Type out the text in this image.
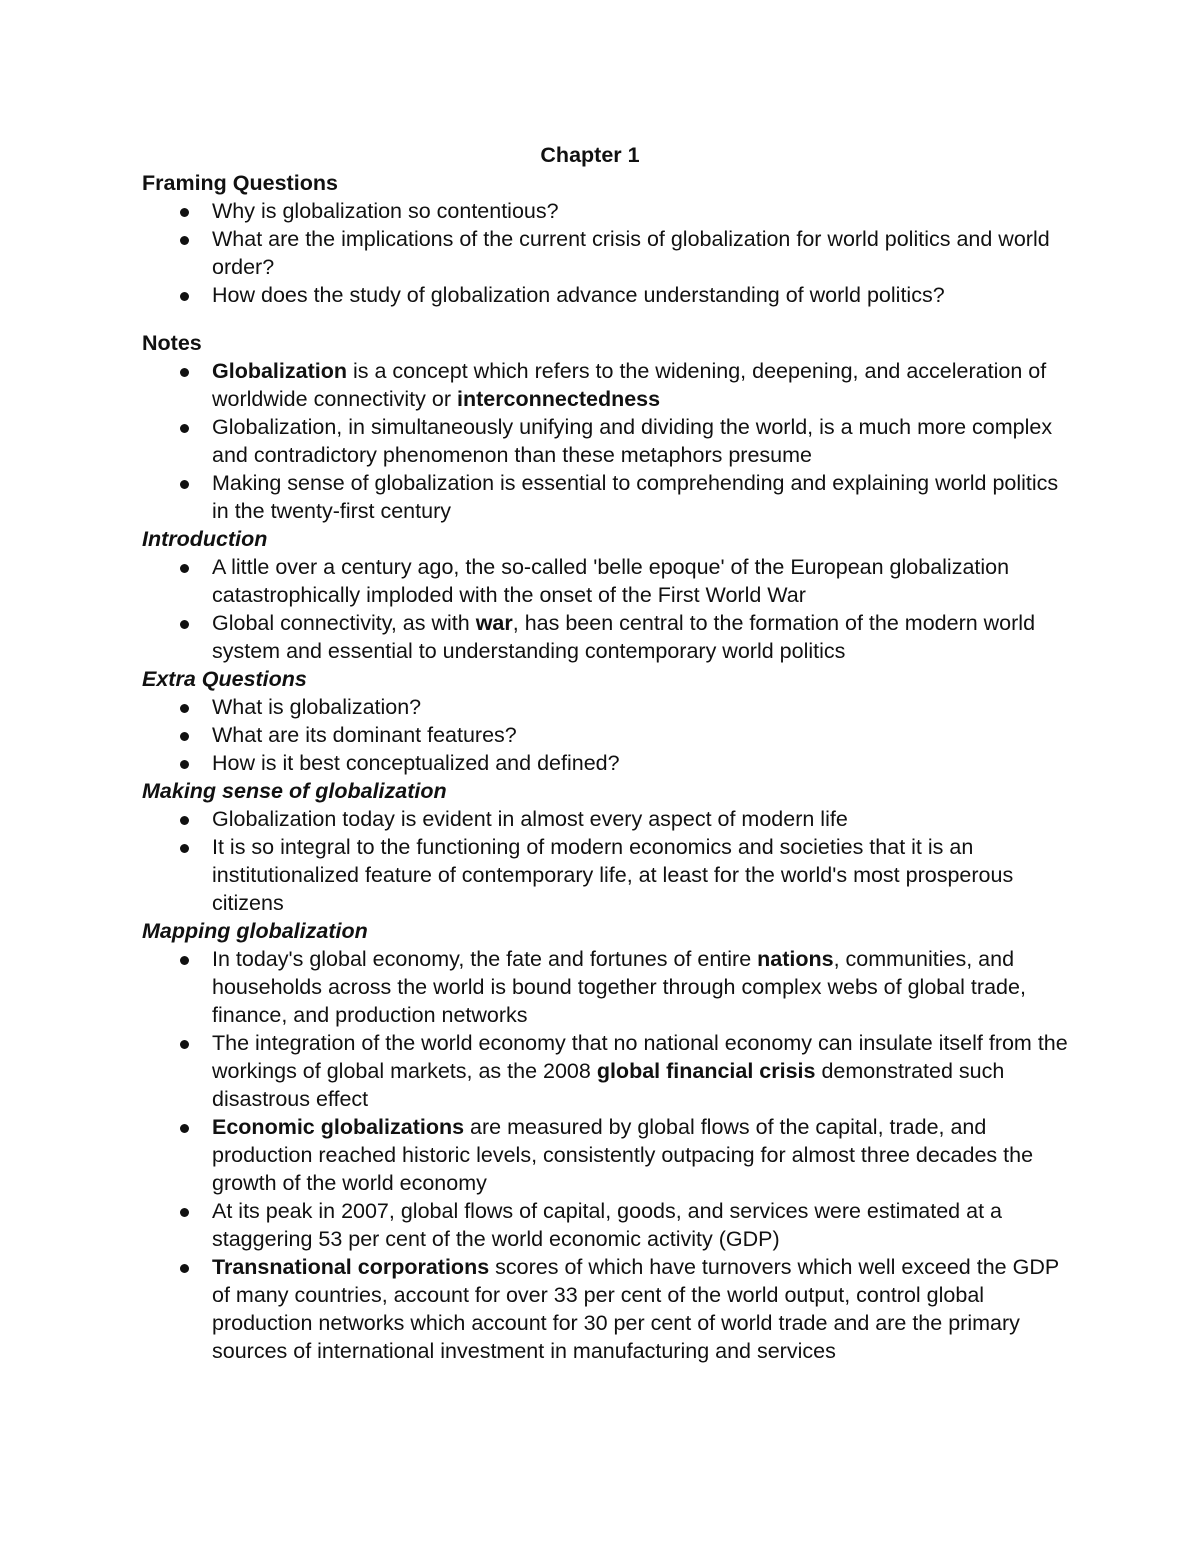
Chapter 1

Framing Questions

Why is globalization so contentious?
What are the implications of the current crisis of globalization for world politics and world order?
How does the study of globalization advance understanding of world politics?

Notes

Globalization is a concept which refers to the widening, deepening, and acceleration of worldwide connectivity or interconnectedness
Globalization, in simultaneously unifying and dividing the world, is a much more complex and contradictory phenomenon than these metaphors presume
Making sense of globalization is essential to comprehending and explaining world politics in the twenty-first century

Introduction

A little over a century ago, the so-called 'belle epoque' of the European globalization catastrophically imploded with the onset of the First World War
Global connectivity, as with war, has been central to the formation of the modern world system and essential to understanding contemporary world politics

Extra Questions

What is globalization?
What are its dominant features?
How is it best conceptualized and defined?

Making sense of globalization

Globalization today is evident in almost every aspect of modern life
It is so integral to the functioning of modern economics and societies that it is an institutionalized feature of contemporary life, at least for the world's most prosperous citizens

Mapping globalization

In today's global economy, the fate and fortunes of entire nations, communities, and households across the world is bound together through complex webs of global trade, finance, and production networks
The integration of the world economy that no national economy can insulate itself from the workings of global markets, as the 2008 global financial crisis demonstrated such disastrous effect
Economic globalizations are measured by global flows of the capital, trade, and production reached historic levels, consistently outpacing for almost three decades the growth of the world economy
At its peak in 2007, global flows of capital, goods, and services were estimated at a staggering 53 per cent of the world economic activity (GDP)
Transnational corporations scores of which have turnovers which well exceed the GDP of many countries, account for over 33 per cent of the world output, control global production networks which account for 30 per cent of world trade and are the primary sources of international investment in manufacturing and services
